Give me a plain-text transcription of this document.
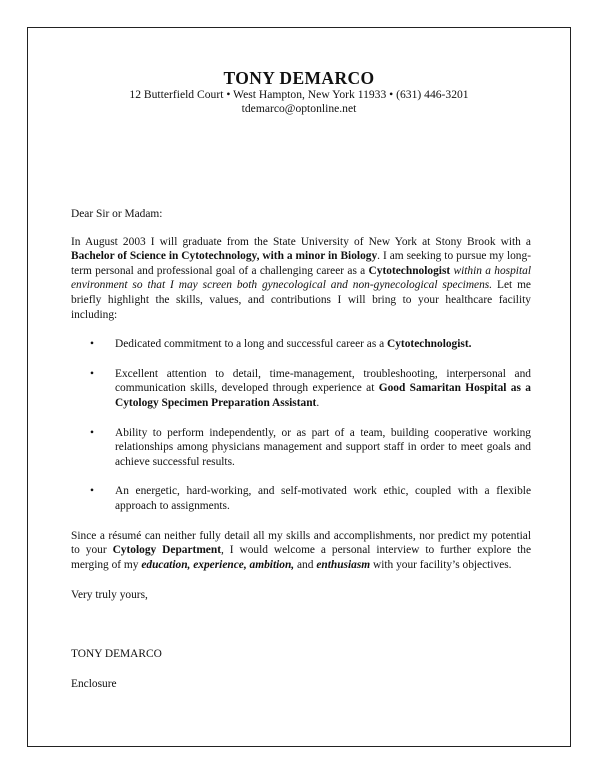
TONY DEMARCO
12 Butterfield Court • West Hampton, New York 11933 • (631) 446-3201
tdemarco@optonline.net

Dear Sir or Madam:

In August 2003 I will graduate from the State University of New York at Stony Brook with a Bachelor of Science in Cytotechnology, with a minor in Biology. I am seeking to pursue my long-term personal and professional goal of a challenging career as a Cytotechnologist within a hospital environment so that I may screen both gynecological and non-gynecological specimens. Let me briefly highlight the skills, values, and contributions I will bring to your healthcare facility including:

• Dedicated commitment to a long and successful career as a Cytotechnologist.
• Excellent attention to detail, time-management, troubleshooting, interpersonal and communication skills, developed through experience at Good Samaritan Hospital as a Cytology Specimen Preparation Assistant.
• Ability to perform independently, or as part of a team, building cooperative working relationships among physicians management and support staff in order to meet goals and achieve successful results.
• An energetic, hard-working, and self-motivated work ethic, coupled with a flexible approach to assignments.

Since a résumé can neither fully detail all my skills and accomplishments, nor predict my potential to your Cytology Department, I would welcome a personal interview to further explore the merging of my education, experience, ambition, and enthusiasm with your facility’s objectives.

Very truly yours,

TONY DEMARCO

Enclosure
